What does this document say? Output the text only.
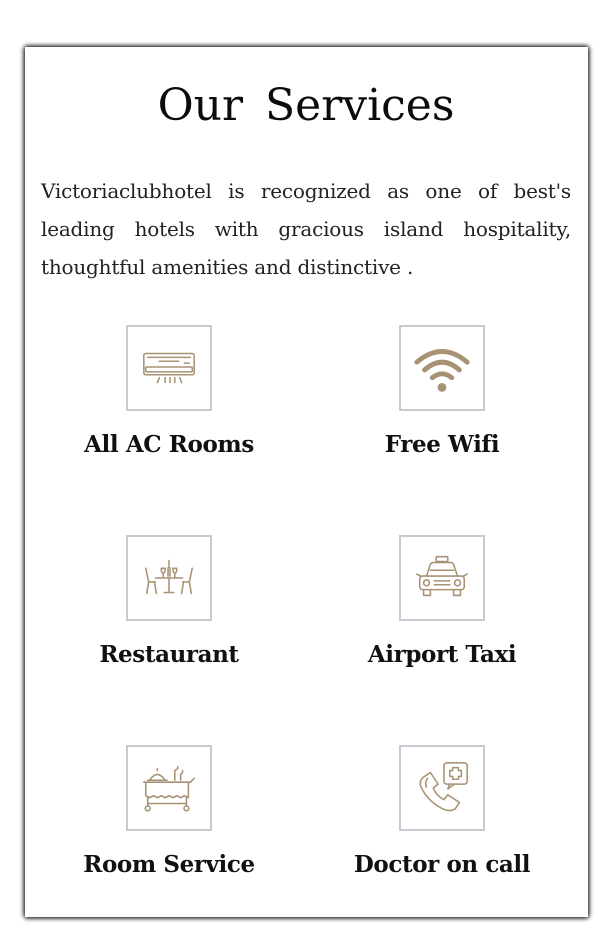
Our Services

Victoriaclubhotel is recognized as one of best's leading hotels with gracious island hospitality, thoughtful amenities and distinctive .

All AC Rooms	Free Wifi
Restaurant	Airport Taxi
Room Service	Doctor on call
